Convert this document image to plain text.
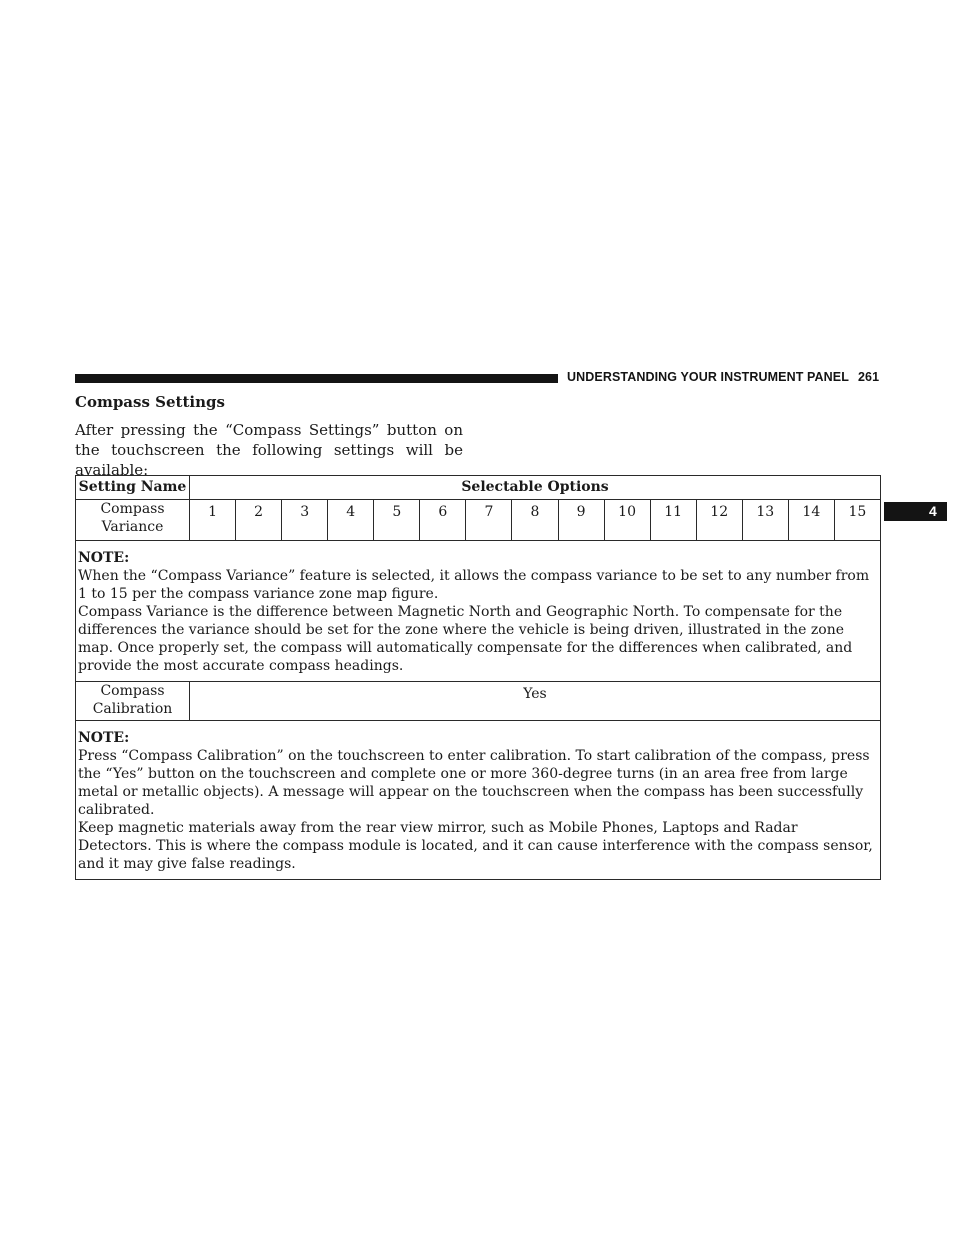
UNDERSTANDING YOUR INSTRUMENT PANEL 261
4
Compass Settings
After pressing the “Compass Settings” button on the touchscreen the following settings will be available:
Setting Name	Selectable Options														
Compass Variance	1	2	3	4	5	6	7	8	9	10	11	12	13	14	15

NOTE:
When the “Compass Variance” feature is selected, it allows the compass variance to be set to any number from 1 to 15 per the compass variance zone map figure.
Compass Variance is the difference between Magnetic North and Geographic North. To compensate for the differences the variance should be set for the zone where the vehicle is being driven, illustrated in the zone map. Once properly set, the compass will automatically compensate for the differences when calibrated, and provide the most accurate compass headings.															

Compass Calibration	Yes														

NOTE:
Press “Compass Calibration” on the touchscreen to enter calibration. To start calibration of the compass, press the “Yes” button on the touchscreen and complete one or more 360-degree turns (in an area free from large metal or metallic objects). A message will appear on the touchscreen when the compass has been successfully calibrated.
Keep magnetic materials away from the rear view mirror, such as Mobile Phones, Laptops and Radar Detectors. This is where the compass module is located, and it can cause interference with the compass sensor, and it may give false readings.															
